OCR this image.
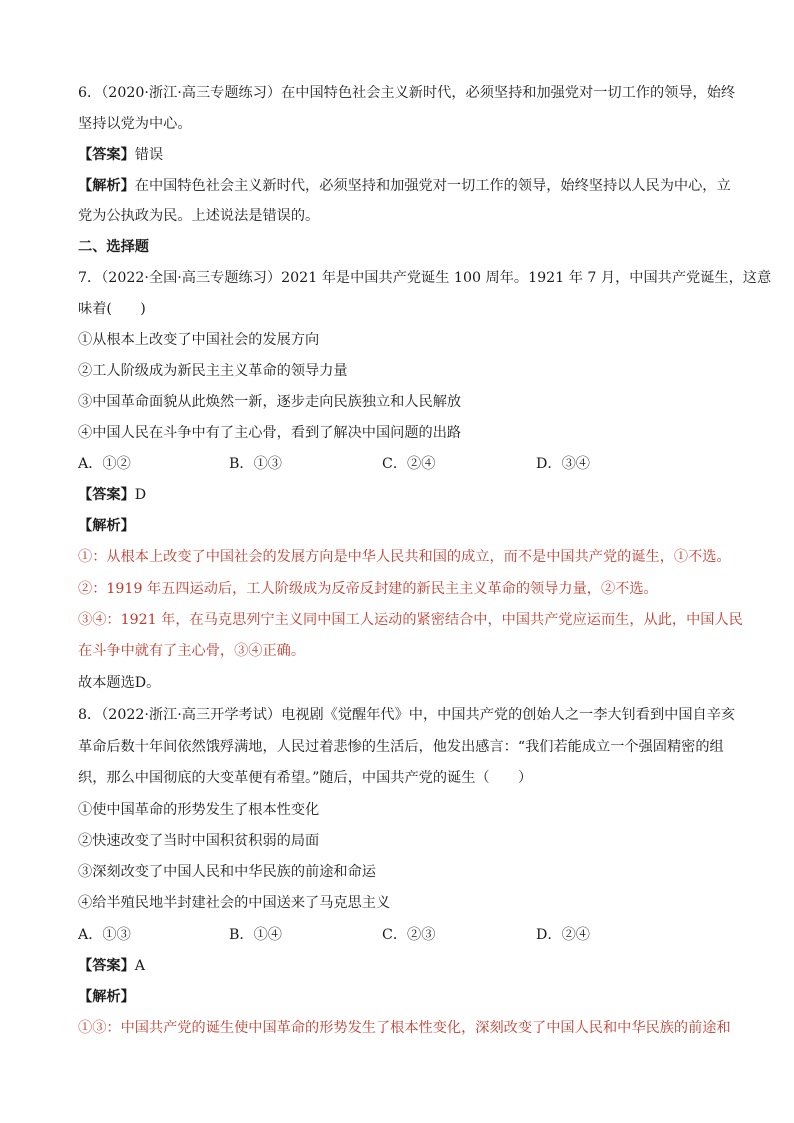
6．（2020·浙江·高三专题练习）在中国特色社会主义新时代，必须坚持和加强党对一切工作的领导，始终
坚持以党为中心。
【答案】错误
【解析】在中国特色社会主义新时代，必须坚持和加强党对一切工作的领导，始终坚持以人民为中心，立
党为公执政为民。上述说法是错误的。
二、选择题
7．（2022·全国·高三专题练习）2021 年是中国共产党诞生 100 周年。1921 年 7 月，中国共产党诞生，这意
味着(　　)
①从根本上改变了中国社会的发展方向
②工人阶级成为新民主主义革命的领导力量
③中国革命面貌从此焕然一新，逐步走向民族独立和人民解放
④中国人民在斗争中有了主心骨，看到了解决中国问题的出路
A．①②	B．①③	C．②④	D．③④
【答案】D
【解析】
①：从根本上改变了中国社会的发展方向是中华人民共和国的成立，而不是中国共产党的诞生，①不选。
②：1919 年五四运动后，工人阶级成为反帝反封建的新民主主义革命的领导力量，②不选。
③④：1921 年，在马克思列宁主义同中国工人运动的紧密结合中，中国共产党应运而生，从此，中国人民
在斗争中就有了主心骨，③④正确。
故本题选D。
8．（2022·浙江·高三开学考试）电视剧《觉醒年代》中，中国共产党的创始人之一李大钊看到中国自辛亥
革命后数十年间依然饿殍满地，人民过着悲惨的生活后，他发出感言：“我们若能成立一个强固精密的组
织，那么中国彻底的大变革便有希望。”随后，中国共产党的诞生（　　）
①使中国革命的形势发生了根本性变化
②快速改变了当时中国积贫积弱的局面
③深刻改变了中国人民和中华民族的前途和命运
④给半殖民地半封建社会的中国送来了马克思主义
A．①③	B．①④	C．②③	D．②④
【答案】A
【解析】
①③：中国共产党的诞生使中国革命的形势发生了根本性变化，深刻改变了中国人民和中华民族的前途和
